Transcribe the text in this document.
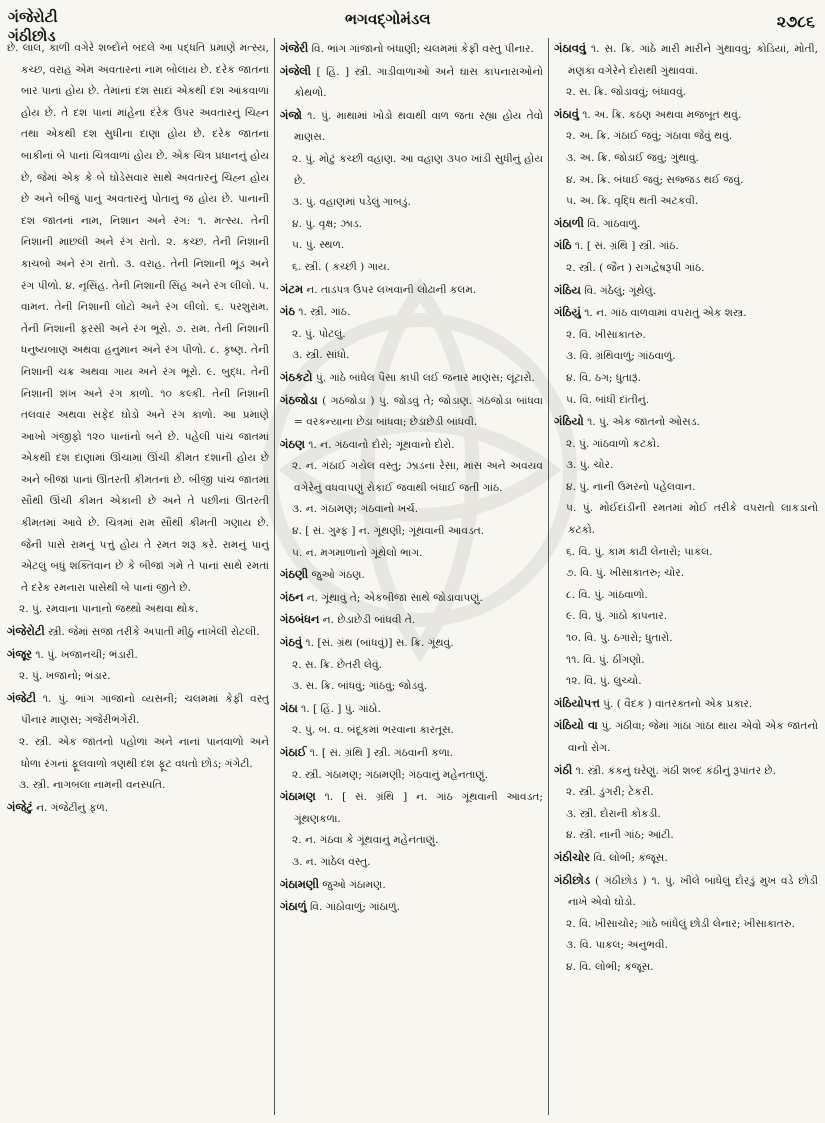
ગંજેરોટી
ગંઠીછોડ
ભગવદ્ગોમંડલ	૨૭૮૬

છે. લાલ, કાળી વગેરે શબ્દોને બદલે આ પદ્ધતિ પ્રમાણે મત્સ્ય, કચ્છ, વરાહ એમ અવતારનાં નામ બોલાય છે. દરેક જાતનાં બાર પાનાં હોય છે. તેમાંનાં દશ સાદાં એકથી દશ આંકવાળાં હોય છે. તે દશ પાનાં માંહેના દરેક ઉપર અવતારનું ચિહ્ન તથા એકથી દશ સુધીના દાણા હોય છે. દરેક જાતનાં બાકીનાં બે પાનાં ચિત્રવાળાં હોય છે. એક ચિત્ર પ્રધાનનું હોય છે, જેમાં એક કે બે ઘોડેસવાર સાથે અવતારનું ચિહ્ન હોય છે અને બીજું પાનું અવતારનું પોતાનું જ હોય છે. પાનાની દશ જાતનાં નામ, નિશાન અને રંગ: ૧. મત્સ્ય. તેની નિશાની માછલી અને રંગ રાતો. ૨. કચ્છ. તેની નિશાની કાચબો અને રંગ રાતો. ૩. વરાહ. તેની નિશાની ભૂંડ અને રંગ પીળો. ૪. નૃસિંહ. તેની નિશાની સિંહ અને રંગ લીલો. ૫. વામન. તેની નિશાની લોટો અને રંગ લીલો. ૬. પરશુરામ. તેની નિશાની ફરસી અને રંગ ભૂરો. ૭. રામ. તેની નિશાની ધનુષ્યબાણ અથવા હનુમાન અને રંગ પીળો. ૮. કૃષ્ણ. તેની નિશાની ચક્ર અથવા ગાય અને રંગ ભૂરો. ૯. બુદ્ધ. તેની નિશાની શંખ અને રંગ કાળો. ૧૦ કલ્કી. તેની નિશાની તલવાર અથવા સફેદ ઘોડો અને રંગ કાળો. આ પ્રમાણે આખો ગંજીફો ૧૨૦ પાનાંનો બને છે. પહેલી પાંચ જાતમાં એકથી દશ દાણામાં ઊંચામાં ઊંચી કીમત દશાની હોય છે અને બીજાં પાનાં ઊતરતી કીમતનાં છે. બીજી પાંચ જાતમાં સૌથી ઊંચી કીમત એકાની છે અને તે પછીનાં ઊતરતી કીમતમાં આવે છે. ચિત્રમાં રામ સૌથી કીમતી ગણાય છે. જેની પાસે રામનું પત્તું હોય તે રમત શરૂ કરે. રામનું પાનું એટલું બધું શક્તિવાન છે કે બીજાં ગમે તે પાનાં સાથે રમતાં તે દરેક રમનારા પાસેથી બે પાનાં જીતે છે.

૨. પું. રમવાના પાનાનો જથ્થો અથવા થોક.

ગંજેરોટી સ્ત્રી. જેમાં સજા તરીકે અપાતી મીઠું નાખેલી રોટલી.

ગંજૂર ૧. પું. ખજાનચી; ભંડારી.

૨. પું. ખજાનો; ભંડાર.

ગંજેટી ૧. પું. ભાંગ ગાંજાનો વ્યસની; ચલમમાં કેફી વસ્તુ પીનાર માણસ; ગંજેરીભંગેરી.

૨. સ્ત્રી. એક જાતનો પહોળાં અને નાનાં પાનવાળો અને ધોળા રંગનાં ફૂલવાળો ત્રણથી દશ ફૂટ વધતો છોડ; ગંગેટી.

૩. સ્ત્રી. નાગબલા નામની વનસ્પતિ.

ગંજેટું ન. ગંજેટીનું ફળ.

ગંજેરી વિ. ભાંગ ગાંજાનો બંધાણી; ચલમમાં કેફી વસ્તુ પીનાર.

ગંજેલી [ હિં. ] સ્ત્રી. ગાડીવાળાઓ અને ઘાસ કાપનારાઓનો કોથળો.

ગંજો ૧. પું. માથામાં ખોડો થવાથી વાળ જતા રહ્યા હોય તેવો માણસ.

૨. પું. મોટું કચ્છી વહાણ. આ વહાણ ૩૫૦ ખાંડી સુધીનું હોય છે.

૩. પું. વહાણમાં પડેલું ગાબડું.

૪. પું. વૃક્ષ; ઝાડ.

૫. પું. સ્થળ.

૬. સ્ત્રી. ( કચ્છી ) ગાય.

ગંટમ ન. તાડપત્ર ઉપર લખવાની લોઢાની કલમ.

ગંઠ ૧. સ્ત્રી. ગાંઠ.

૨. પું. પોટલું.

૩. સ્ત્રી. સાંધો.

ગંઠકટો પું. ગાંઠે બાંધેલ પૈસા કાપી લઈ જનાર માણસ; લૂંટારો.

ગંઠજોડા ( ગઠજોડા ) પું. જોડવું તે; જોડાણ. ગંઠજોડા બાંધવા = વરકન્યાના છેડા બાંધવા; છેડાછેડી બાંધવી.

ગંઠણ ૧. ન. ગંઠવાનો દોરો; ગૂંથવાનો દોરો.

૨. ન. ગંઠાઈ ગયેલ વસ્તુ; ઝાડના રેસા, માંસ અને અવયવ વગેરેનું વધવાપણું રોકાઈ જવાથી બંધાઈ જતી ગાંઠ.

૩. ન. ગંઠામણ; ગંઠવાનો ખર્ચ.

૪. [ સં. ગુમ્ફ ] ન. ગૂંથણી; ગૂંથવાની આવડત.

૫. ન. મગમાળાનો ગૂંથેલો ભાગ.

ગંઠણી જુઓ ગંઠણ.

ગંઠન ન. ગૂંથાવું તે; એકબીજા સાથે જોડાવાપણું.

ગંઠબંધન ન. છેડાછેડી બાંધવી તે.

ગંઠવું ૧. [સં. ગ્રંથ (બાંધવું)] સ. ક્રિ. ગૂંથવું.

૨. સ. ક્રિ. છેતરી લેવું.

૩. સ. ક્રિ. બાંધવું; ગાંઠવું; જોડવું.

ગંઠા ૧. [ હિં. ] પું. ગાંઠો.

૨. પું. બ. વ. બંદૂકમાં ભરવાના કારતૂસ.

ગંઠાઈ ૧. [ સં. ગ્રંથિ ] સ્ત્રી. ગંઠવાની કળા.

૨. સ્ત્રી. ગંઠામણ; ગંઠામણી; ગંઠવાનું મહેનતાણું.

ગંઠામણ ૧. [ સં. ગ્રંથિ ] ન. ગાંઠ ગૂંથવાની આવડત; ગૂંથણકળા.

૨. ન. ગંઠવા કે ગૂંથવાનું મહેનતાણું.

૩. ન. ગાંઠેલ વસ્તુ.

ગંઠામણી જુઓ ગંઠામણ.

ગંઠાળું વિ. ગાંઠોવાળું; ગાંઠાળું.

ગંઠાવવું ૧. સ. ક્રિ. ગાંઠે મારી મારીને ગુંથાવવું; કોડિયાં, મોતી, મણકા વગેરેને દોરાથી ગુંથાવવાં.

૨. સ. ક્રિ. જોડાવવું; બંધાવવું.

ગંઠાવું ૧. અ. ક્રિ. કઠણ અથવા મજબૂત થવું.

૨. અ. ક્રિ. ગંઠાઈ જવું; ગંઠાવા જેવું થવું.

૩. અ. ક્રિ. જોડાઈ જવું; ગુંથાવું.

૪. અ. ક્રિ. બંધાઈ જવું; સજ્જડ થઈ જવું.

૫. અ. ક્રિ. વૃદ્ધિ થતી અટકવી.

ગંઠાળી વિ. ગાંઠવાળું.

ગંઠિ ૧. [ સં. ગ્રંથિ ] સ્ત્રી. ગાંઠ.

૨. સ્ત્રી. ( જૈન ) રાગદ્વેષરૂપી ગાંઠ.

ગંઠિય વિ. ગંઠેલું; ગૂંથેલું.

ગંઠિયું ૧. ન. ગાંઠ વાળવામાં વપરાતું એક શસ્ત્ર.

૨. વિ. ખીસાકાતરુ.

૩. વિ. ગ્રંથિવાળું; ગાંઠવાળું.

૪. વિ. ઠગ; ધુતારૂં.

૫. વિ. બાંધી દાંતીનું.

ગંઠિયો ૧. પું. એક જાતનો ઓસડ.

૨. પું. ગાંઠવાળો કટકો.

૩. પું. ચોર.

૪. પું. નાની ઉમરનો પહેલવાન.

૫. પું. મોઈદાંડીની રમતમાં મોઈ તરીકે વપરાતો લાકડાનો કટકો.

૬. વિ. પું. કામ કાઢી લેનારો; પાકલ.

૭. વિ. પું. ખીસાકાતરુ; ચોર.

૮. વિ. પું. ગાંઠવાળો.

૯. વિ. પું. ગાંઠો કાપનાર.

૧૦. વિ. પું. ઠગારો; ધુતારો.

૧૧. વિ. પું. ઠીંગણો.

૧૨. વિ. પું. લુચ્ચો.

ગંઠિયોપત્ત પું. ( વૈદક ) વાતરક્તનો એક પ્રકાર.

ગંઠિયો વા પું. ગંઠીવા; જેમાં ગાંઠા ગાંઠા થાય એવો એક જાતનો વાનો રોગ.

ગંઠી ૧. સ્ત્રી. કંકનું ઘરેણું. ગંઠી શબ્દ કંઠીનું રૂપાંતર છે.

૨. સ્ત્રી. ડુંગરી; ટેકરી.

૩. સ્ત્રી. દોરાની કોકડી.

૪. સ્ત્રી. નાની ગાંઠ; આંટી.

ગંઠીચોર વિ. લોભી; કંજૂસ.

ગંઠીછોડ ( ગંઠીછોડ ) ૧. પું. ખીલે બાંધેલું દોરડું મુખ વડે છોડી નાખે એવો ઘોડો.

૨. વિ. ખીસાચોર; ગાંઠે બાંધેલું છોડી લેનાર; ખીસાકાતરુ.

૩. વિ. પાકલ; અનુભવી.

૪. વિ. લોભી; કંજૂસ.
